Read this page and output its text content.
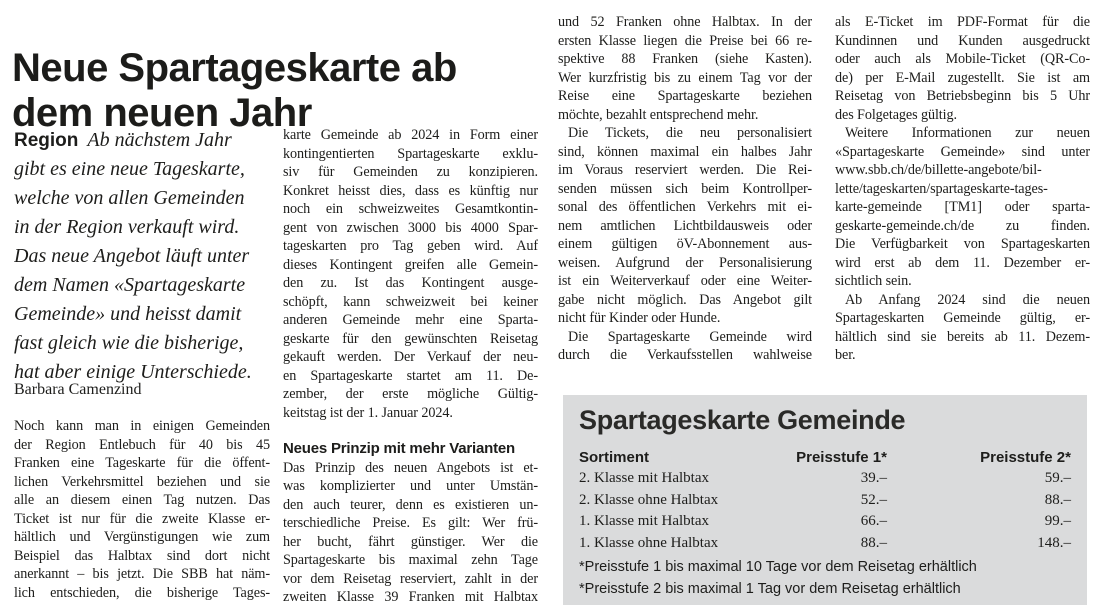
Neue Spartageskarte ab
dem neuen Jahr
Region Ab nächstem Jahr
gibt es eine neue Tageskarte,
welche von allen Gemeinden
in der Region verkauft wird.
Das neue Angebot läuft unter
dem Namen «Spartageskarte
Gemeinde» und heisst damit
fast gleich wie die bisherige,
hat aber einige Unterschiede.
Barbara Camenzind
Noch kann man in einigen Gemeinden
der Region Entlebuch für 40 bis 45
Franken eine Tageskarte für die öffent-
lichen Verkehrsmittel beziehen und sie
alle an diesem einen Tag nutzen. Das
Ticket ist nur für die zweite Klasse er-
hältlich und Vergünstigungen wie zum
Beispiel das Halbtax sind dort nicht
anerkannt – bis jetzt. Die SBB hat näm-
lich entschieden, die bisherige Tages-
karte Gemeinde ab 2024 in Form einer
kontingentierten Spartageskarte exklu-
siv für Gemeinden zu konzipieren.
Konkret heisst dies, dass es künftig nur
noch ein schweizweites Gesamtkontin-
gent von zwischen 3000 bis 4000 Spar-
tageskarten pro Tag geben wird. Auf
dieses Kontingent greifen alle Gemein-
den zu. Ist das Kontingent ausge-
schöpft, kann schweizweit bei keiner
anderen Gemeinde mehr eine Sparta-
geskarte für den gewünschten Reisetag
gekauft werden. Der Verkauf der neu-
en Spartageskarte startet am 11. De-
zember, der erste mögliche Gültig-
keitstag ist der 1. Januar 2024.
Neues Prinzip mit mehr Varianten
Das Prinzip des neuen Angebots ist et-
was komplizierter und unter Umstän-
den auch teurer, denn es existieren un-
terschiedliche Preise. Es gilt: Wer frü-
her bucht, fährt günstiger. Wer die
Spartageskarte bis maximal zehn Tage
vor dem Reisetag reserviert, zahlt in der
zweiten Klasse 39 Franken mit Halbtax
und 52 Franken ohne Halbtax. In der
ersten Klasse liegen die Preise bei 66 re-
spektive 88 Franken (siehe Kasten).
Wer kurzfristig bis zu einem Tag vor der
Reise eine Spartageskarte beziehen
möchte, bezahlt entsprechend mehr.
Die Tickets, die neu personalisiert
sind, können maximal ein halbes Jahr
im Voraus reserviert werden. Die Rei-
senden müssen sich beim Kontrollper-
sonal des öffentlichen Verkehrs mit ei-
nem amtlichen Lichtbildausweis oder
einem gültigen öV-Abonnement aus-
weisen. Aufgrund der Personalisierung
ist ein Weiterverkauf oder eine Weiter-
gabe nicht möglich. Das Angebot gilt
nicht für Kinder oder Hunde.
Die Spartageskarte Gemeinde wird
durch die Verkaufsstellen wahlweise
als E-Ticket im PDF-Format für die
Kundinnen und Kunden ausgedruckt
oder auch als Mobile-Ticket (QR-Co-
de) per E-Mail zugestellt. Sie ist am
Reisetag von Betriebsbeginn bis 5 Uhr
des Folgetages gültig.
Weitere Informationen zur neuen
«Spartageskarte Gemeinde» sind unter
www.sbb.ch/de/billette-angebote/bil-
lette/tageskarten/spartageskarte-tages-
karte-gemeinde [TM1] oder sparta-
geskarte-gemeinde.ch/de zu finden.
Die Verfügbarkeit von Spartageskarten
wird erst ab dem 11. Dezember er-
sichtlich sein.
Ab Anfang 2024 sind die neuen
Spartageskarten Gemeinde gültig, er-
hältlich sind sie bereits ab 11. Dezem-
ber.
Spartageskarte Gemeinde
Sortiment	Preisstufe 1*	Preisstufe 2*
2. Klasse mit Halbtax	39.–	59.–
2. Klasse ohne Halbtax	52.–	88.–
1. Klasse mit Halbtax	66.–	99.–
1. Klasse ohne Halbtax	88.–	148.–
*Preisstufe 1 bis maximal 10 Tage vor dem Reisetag erhältlich
*Preisstufe 2 bis maximal 1 Tag vor dem Reisetag erhältlich
